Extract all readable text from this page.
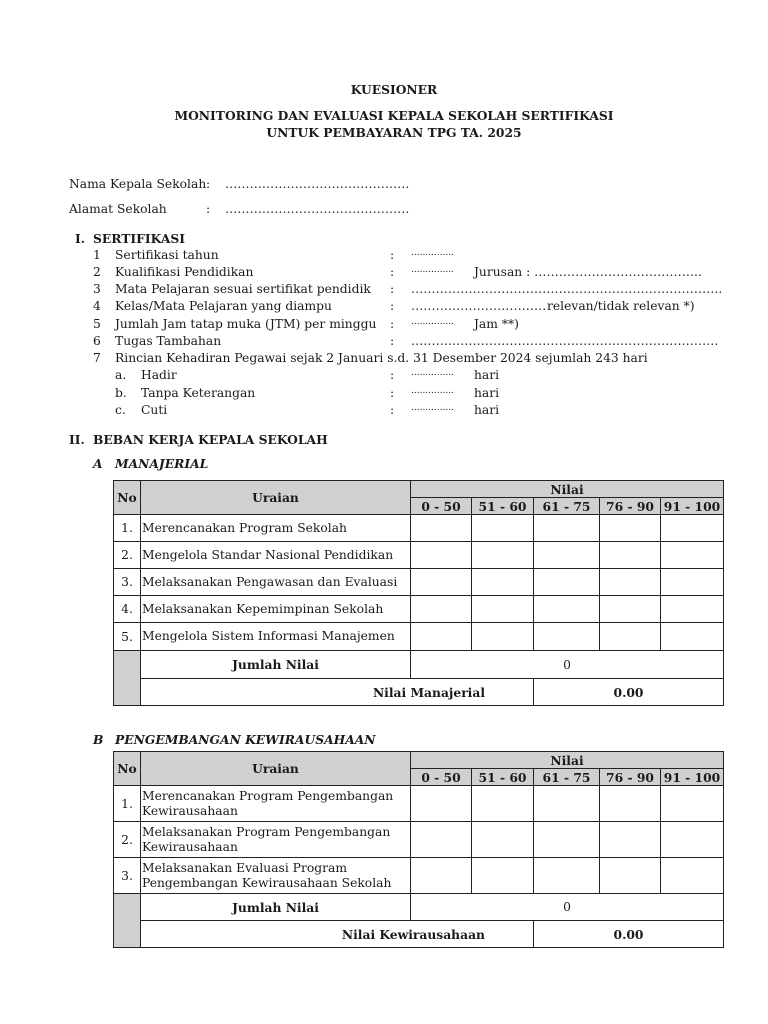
KUESIONER
MONITORING DAN EVALUASI KEPALA SEKOLAH SERTIFIKASI
UNTUK PEMBAYARAN TPG TA. 2025
Nama Kepala Sekolah : ………………………………………
Alamat Sekolah	: ………………………………………
I. SERTIFIKASI
1 Sertifikasi tahun	: ...............
2 Kualifikasi Pendidikan	: ............... Jurusan : …………………………………..
3 Mata Pelajaran sesuai sertifikat pendidik : ………………………………………………………………….
4 Kelas/Mata Pelajaran yang diampu	: …………………………… relevan/tidak relevan *)
5 Jumlah Jam tatap muka (JTM) per minggu : ............... Jam **)
6 Tugas Tambahan	: …………………………………………………………………
7 Rincian Kehadiran Pegawai sejak 2 Januari s.d. 31 Desember 2024 sejumlah 243 hari
a. Hadir	: ............... hari
b. Tanpa Keterangan	: ............... hari
c. Cuti	: ............... hari
II. BEBAN KERJA KEPALA SEKOLAH
A MANAJERIAL
No	Uraian	Nilai				
		0 - 50	51 - 60	61 - 75	76 - 90	91 - 100
1.	Merencanakan Program Sekolah					
2.	Mengelola Standar Nasional Pendidikan					
3.	Melaksanakan Pengawasan dan Evaluasi					
4.	Melaksanakan Kepemimpinan Sekolah					
5.	Mengelola Sistem Informasi Manajemen					
	Jumlah Nilai	0				
	Nilai Manajerial			0.00		
B PENGEMBANGAN KEWIRAUSAHAAN
No	Uraian	Nilai				
		0 - 50	51 - 60	61 - 75	76 - 90	91 - 100
1.	Merencanakan Program Pengembangan
Kewirausahaan					

2.	Melaksanakan Program Pengembangan
Kewirausahaan					

3.	Melaksanakan Evaluasi Program
Pengembangan Kewirausahaan Sekolah					

	Jumlah Nilai	0				
	Nilai Kewirausahaan			0.00		
